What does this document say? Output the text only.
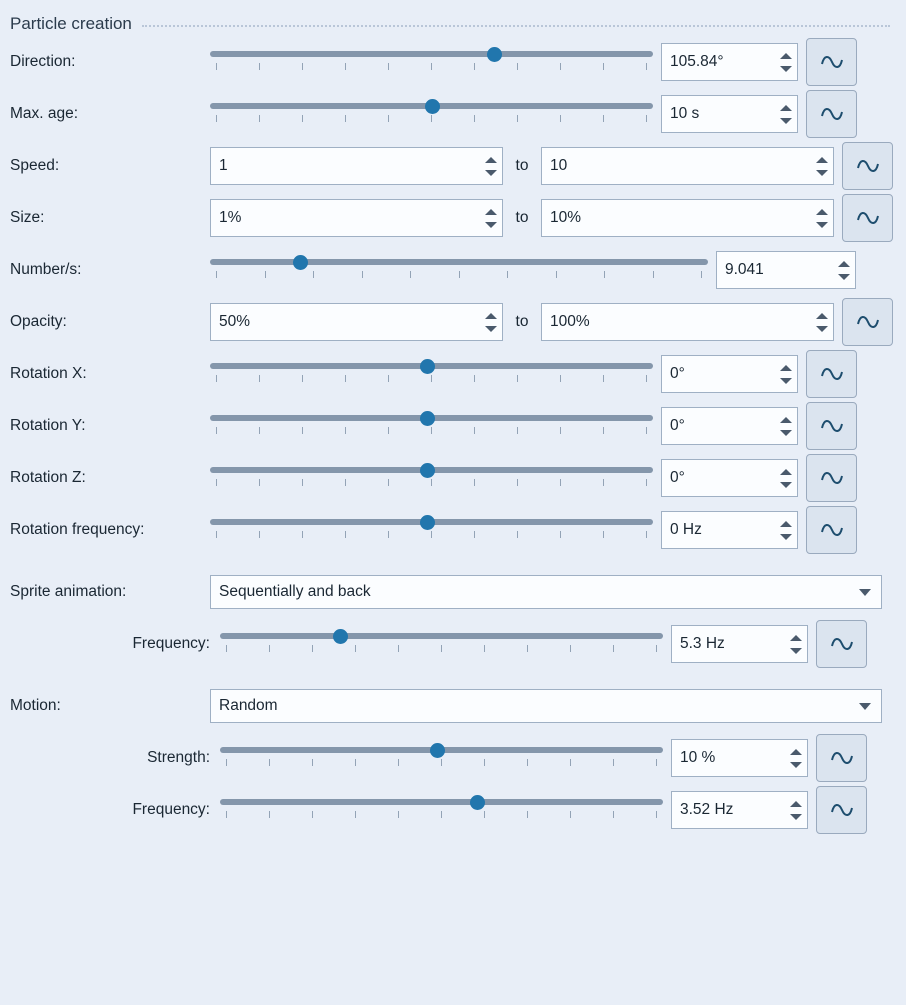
Particle creation
Direction:	105.84°
Max. age:	10 s
Speed:	1	to	10
Size:	1%	to	10%
Number/s:	9.041
Opacity:	50%	to	100%
Rotation X:	0°
Rotation Y:	0°
Rotation Z:	0°
Rotation frequency:	0 Hz
Sprite animation:	Sequentially and back
Frequency:	5.3 Hz
Motion:	Random
Strength:	10 %
Frequency:	3.52 Hz
